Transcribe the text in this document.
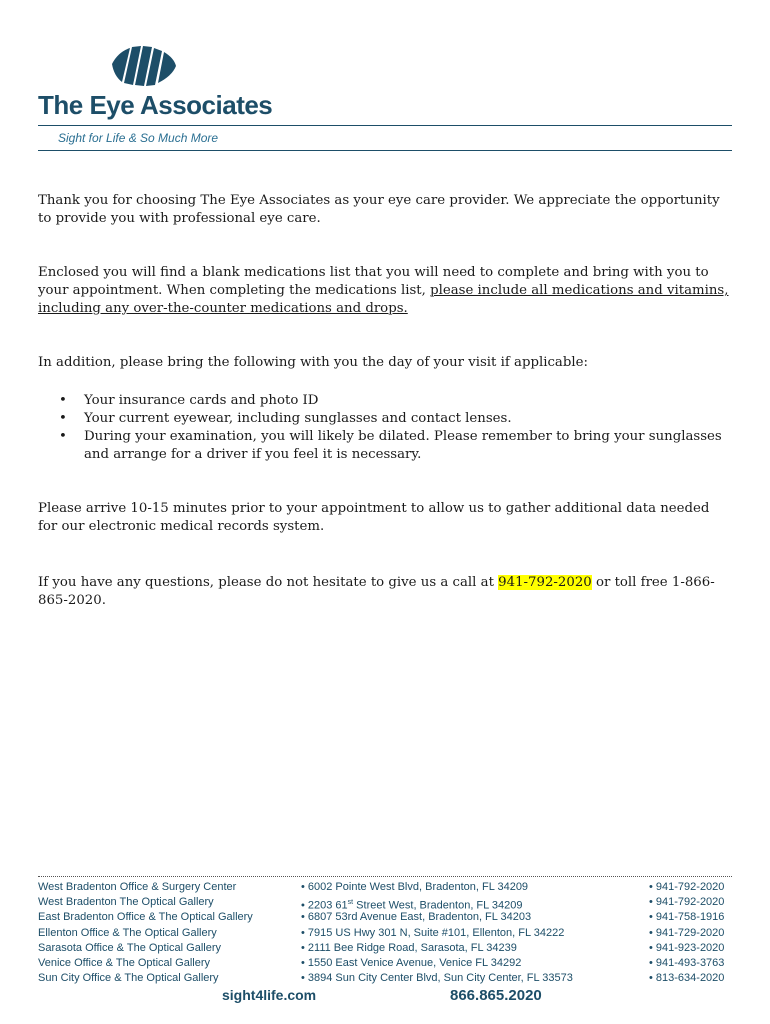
The Eye Associates
Sight for Life & So Much More

Thank you for choosing The Eye Associates as your eye care provider. We appreciate the opportunity to provide you with professional eye care.

Enclosed you will find a blank medications list that you will need to complete and bring with you to your appointment. When completing the medications list, please include all medications and vitamins, including any over-the-counter medications and drops.

In addition, please bring the following with you the day of your visit if applicable:

• Your insurance cards and photo ID
• Your current eyewear, including sunglasses and contact lenses.
• During your examination, you will likely be dilated. Please remember to bring your sunglasses and arrange for a driver if you feel it is necessary.

Please arrive 10-15 minutes prior to your appointment to allow us to gather additional data needed for our electronic medical records system.

If you have any questions, please do not hesitate to give us a call at 941-792-2020 or toll free 1-866-865-2020.

West Bradenton Office & Surgery Center	• 6002 Pointe West Blvd, Bradenton, FL 34209	• 941-792-2020
West Bradenton The Optical Gallery	• 2203 61st Street West, Bradenton, FL 34209	• 941-792-2020
East Bradenton Office & The Optical Gallery	• 6807 53rd Avenue East, Bradenton, FL 34203	• 941-758-1916
Ellenton Office & The Optical Gallery	• 7915 US Hwy 301 N, Suite #101, Ellenton, FL 34222	• 941-729-2020
Sarasota Office & The Optical Gallery	• 2111 Bee Ridge Road, Sarasota, FL 34239	• 941-923-2020
Venice Office & The Optical Gallery	• 1550 East Venice Avenue, Venice FL 34292	• 941-493-3763
Sun City Office & The Optical Gallery	• 3894 Sun City Center Blvd, Sun City Center, FL 33573	• 813-634-2020
sight4life.com	866.865.2020
